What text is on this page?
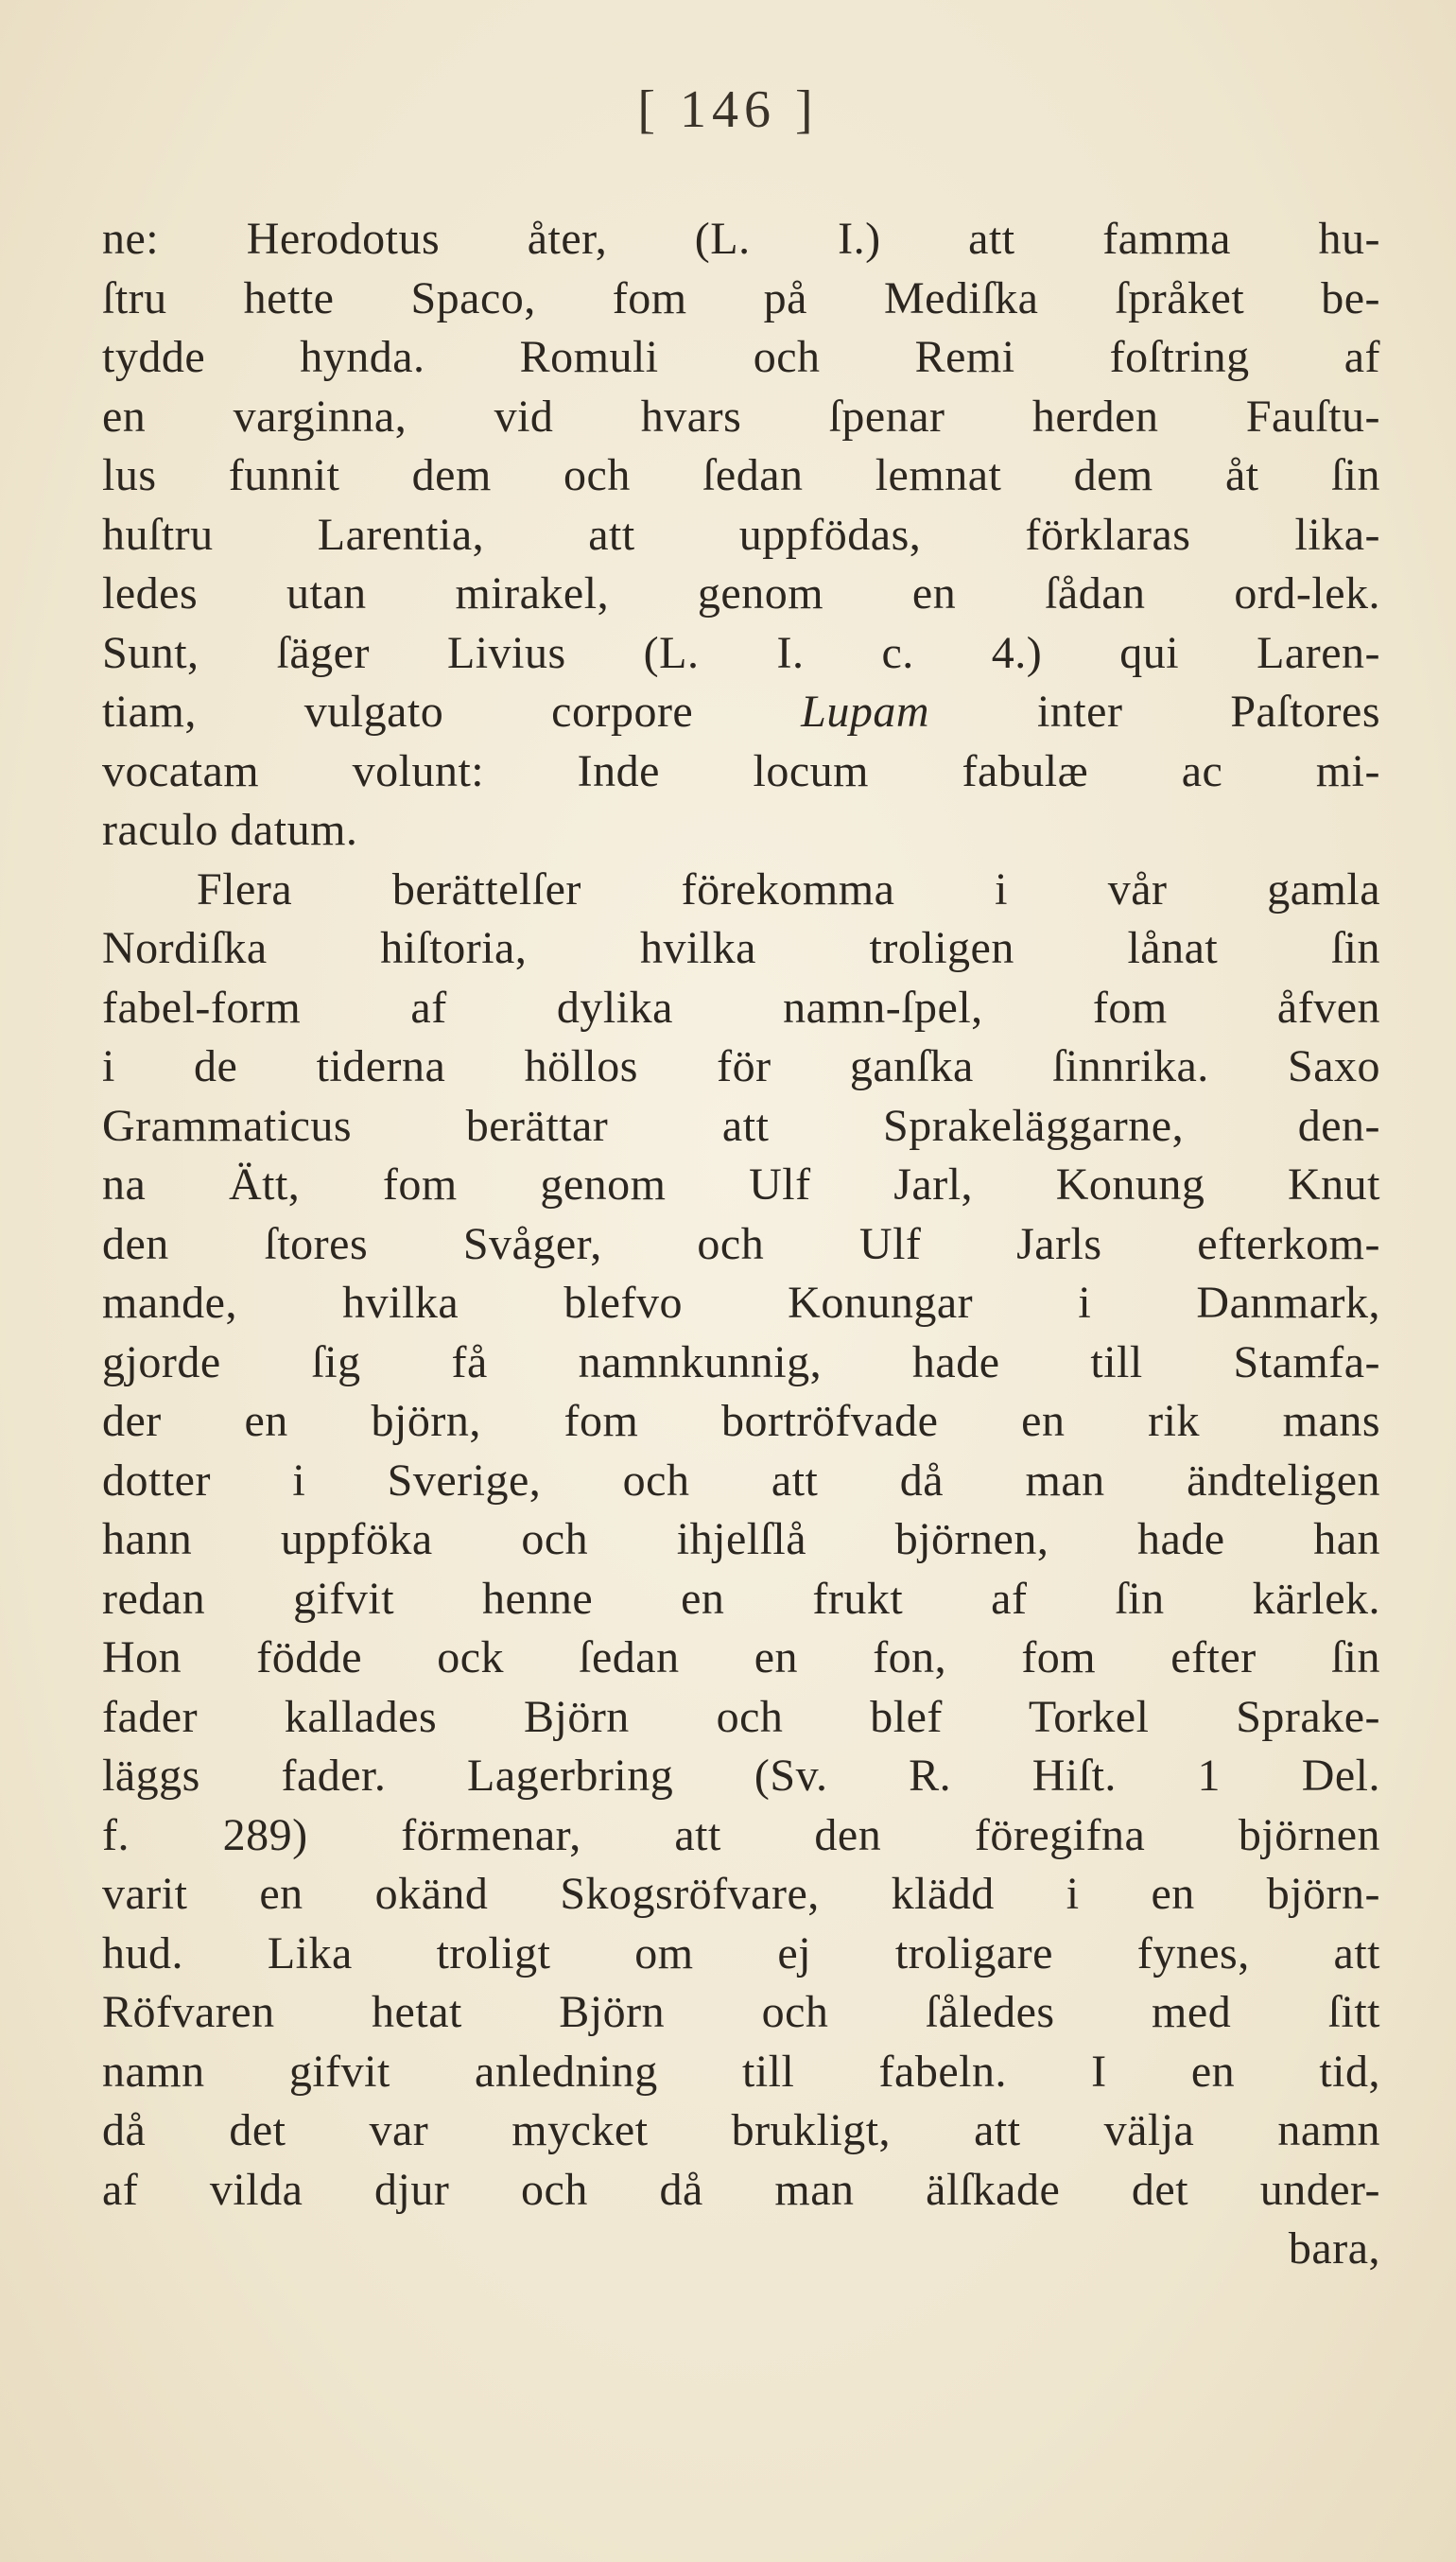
[ 146 ]
ne: Herodotus åter, (L. I.) att famma hu-
ſtru hette Spaco, fom på Mediſka ſpråket be-
tydde hynda. Romuli och Remi foſtring af
en varginna, vid hvars ſpenar herden Fauſtu-
lus funnit dem och ſedan lemnat dem åt ſin
huſtru Larentia, att uppfödas, förklaras lika-
ledes utan mirakel, genom en ſådan ord-lek.
Sunt, ſäger Livius (L. I. c. 4.) qui Laren-
tiam, vulgato corpore Lupam inter Paſtores
vocatam volunt: Inde locum fabulæ ac mi-
raculo datum.
Flera berättelſer förekomma i vår gamla
Nordiſka hiſtoria, hvilka troligen lånat ſin
fabel-form af dylika namn-ſpel, fom åfven
i de tiderna höllos för ganſka ſinnrika. Saxo
Grammaticus berättar att Sprakeläggarne, den-
na Ätt, fom genom Ulf Jarl, Konung Knut
den ſtores Svåger, och Ulf Jarls efterkom-
mande, hvilka blefvo Konungar i Danmark,
gjorde ſig få namnkunnig, hade till Stamfa-
der en björn, fom bortröfvade en rik mans
dotter i Sverige, och att då man ändteligen
hann uppföka och ihjelſlå björnen, hade han
redan gifvit henne en frukt af ſin kärlek.
Hon födde ock ſedan en fon, fom efter ſin
fader kallades Björn och blef Torkel Sprake-
läggs fader. Lagerbring (Sv. R. Hiſt. 1 Del.
f. 289) förmenar, att den föregifna björnen
varit en okänd Skogsröfvare, klädd i en björn-
hud. Lika troligt om ej troligare fynes, att
Röfvaren hetat Björn och ſåledes med ſitt
namn gifvit anledning till fabeln. I en tid,
då det var mycket brukligt, att välja namn
af vilda djur och då man älſkade det under-
bara,
